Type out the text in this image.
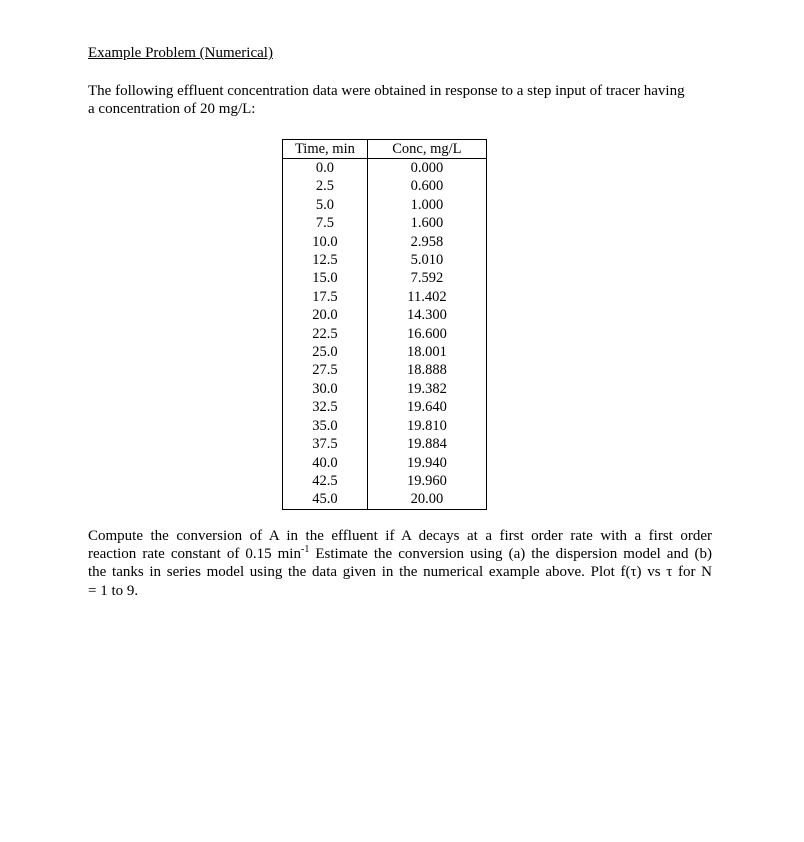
Example Problem (Numerical)
The following effluent concentration data were obtained in response to a step input of tracer having
a concentration of 20 mg/L:
Time, min	Conc, mg/L
0.0	0.000
2.5	0.600
5.0	1.000
7.5	1.600
10.0	2.958
12.5	5.010
15.0	7.592
17.5	11.402
20.0	14.300
22.5	16.600
25.0	18.001
27.5	18.888
30.0	19.382
32.5	19.640
35.0	19.810
37.5	19.884
40.0	19.940
42.5	19.960
45.0	20.00
Compute the conversion of A in the effluent if A decays at a first order rate with a first order
reaction rate constant of 0.15 $\min^{-1}$ Estimate the conversion using (a) the dispersion model and (b)
the tanks in series model using the data given in the numerical example above. Plot f(τ) vs τ for N
= 1 to 9.
